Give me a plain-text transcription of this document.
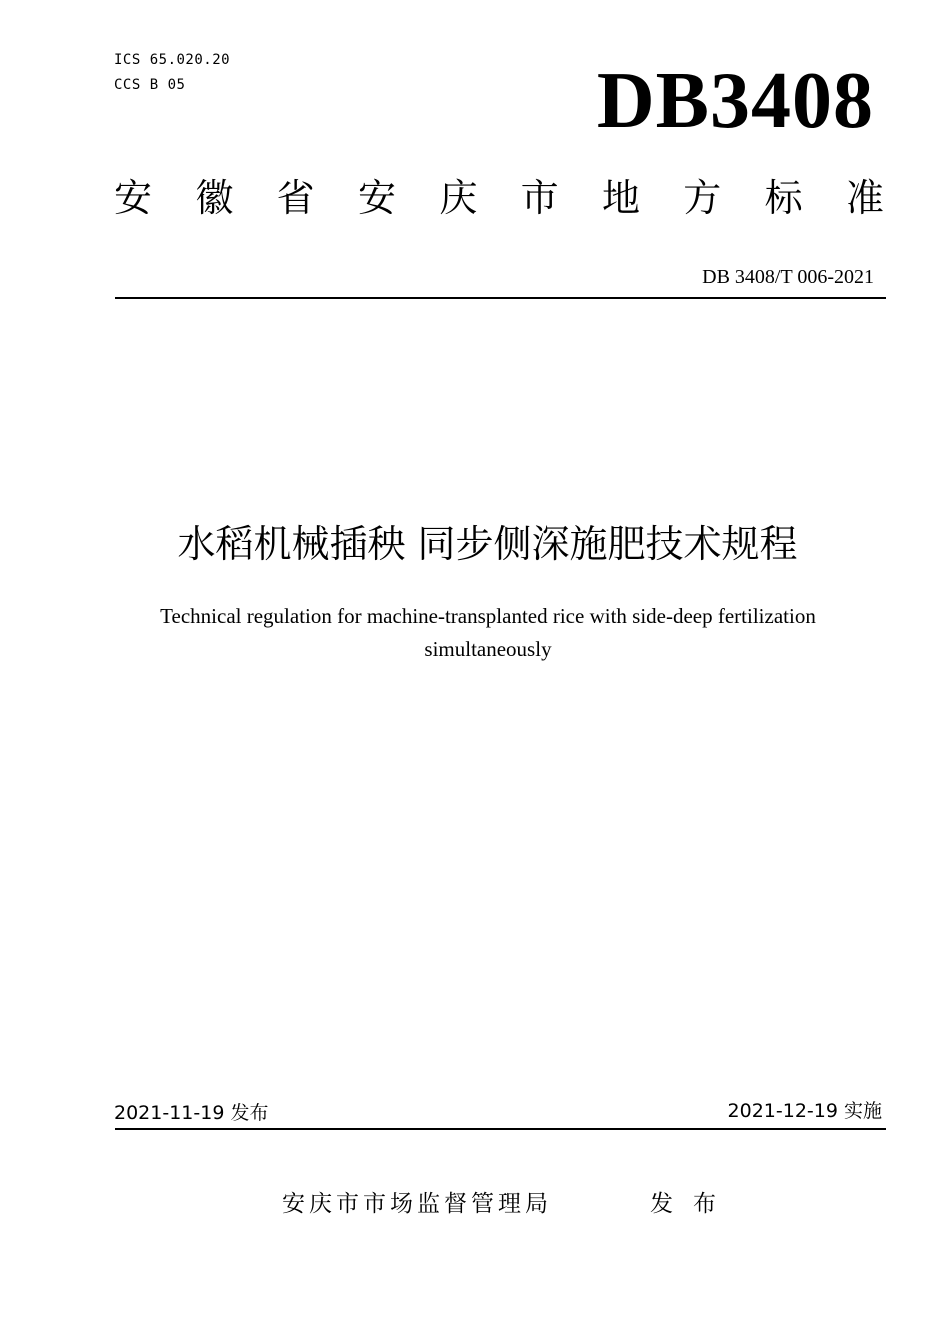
ICS 65.020.20
CCS B 05	DB3408
安 徽 省 安 庆 市 地 方 标 准
DB 3408/T 006-2021
水稻机械插秧 同步侧深施肥技术规程
Technical regulation for machine-transplanted rice with side-deep fertilization simultaneously
2021-11-19 发布	2021-12-19 实施
安庆市市场监督管理局	发布
